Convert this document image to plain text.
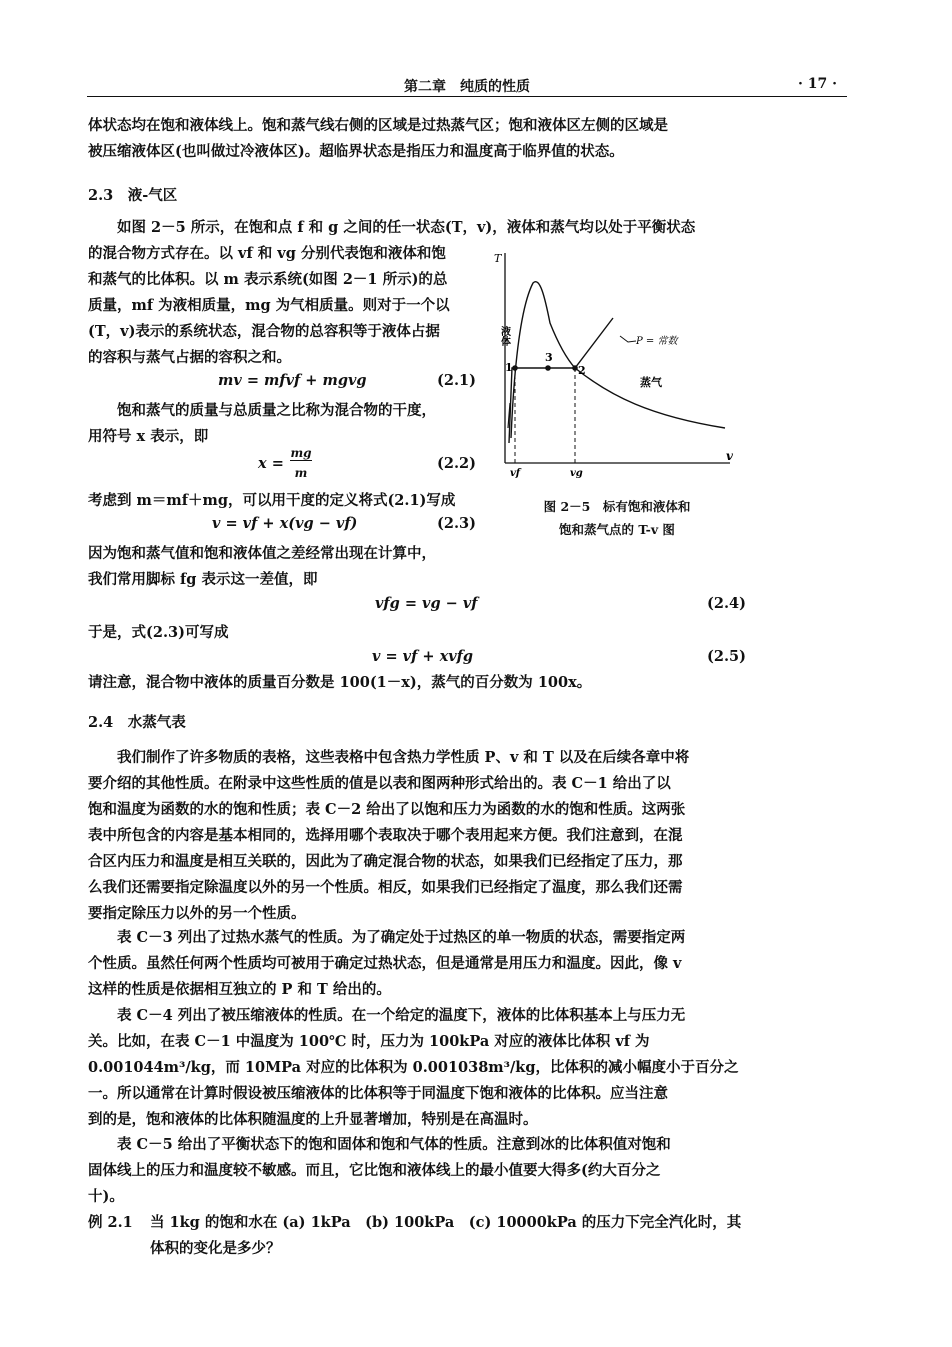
第二章　纯质的性质	· 17 ·

体状态均在饱和液体线上。饱和蒸气线右侧的区域是过热蒸气区；饱和液体区左侧的区域是

被压缩液体区(也叫做过冷液体区)。超临界状态是指压力和温度高于临界值的状态。

2.3　液-气区

如图 2－5 所示，在饱和点 f 和 g 之间的任一状态(T，v)，液体和蒸气均以处于平衡状态

的混合物方式存在。以 vf 和 vg 分别代表饱和液体和饱

和蒸气的比体积。以 m 表示系统(如图 2－1 所示)的总

质量，mf 为液相质量，mg 为气相质量。则对于一个以

(T，v)表示的系统状态，混合物的总容积等于液体占据

的容积与蒸气占据的容积之和。

mv = mfvf + mgvg	(2.1)

饱和蒸气的质量与总质量之比称为混合物的干度，

用符号 x 表示，即

x =
mg
m
(2.2)

考虑到 m＝mf＋mg，可以用干度的定义将式(2.1)写成

v = vf + x(vg − vf)	(2.3)

因为饱和蒸气值和饱和液体值之差经常出现在计算中，

我们常用脚标 fg 表示这一差值，即

vfg = vg − vf	(2.4)

于是，式(2.3)可写成

v = vf + xvfg	(2.5)

请注意，混合物中液体的质量百分数是 100(1－x)，蒸气的百分数为 100x。

T
v
液体
蒸气
P = 常数
1	2
3
vf	vg
图 2－5　标有饱和液体和
饱和蒸气点的 T-v 图
2.4　水蒸气表

我们制作了许多物质的表格，这些表格中包含热力学性质 P、v 和 T 以及在后续各章中将

要介绍的其他性质。在附录中这些性质的值是以表和图两种形式给出的。表 C－1 给出了以

饱和温度为函数的水的饱和性质；表 C－2 给出了以饱和压力为函数的水的饱和性质。这两张

表中所包含的内容是基本相同的，选择用哪个表取决于哪个表用起来方便。我们注意到，在混

合区内压力和温度是相互关联的，因此为了确定混合物的状态，如果我们已经指定了压力，那

么我们还需要指定除温度以外的另一个性质。相反，如果我们已经指定了温度，那么我们还需

要指定除压力以外的另一个性质。

表 C－3 列出了过热水蒸气的性质。为了确定处于过热区的单一物质的状态，需要指定两

个性质。虽然任何两个性质均可被用于确定过热状态，但是通常是用压力和温度。因此，像 v

这样的性质是依据相互独立的 P 和 T 给出的。

表 C－4 列出了被压缩液体的性质。在一个给定的温度下，液体的比体积基本上与压力无

关。比如，在表 C－1 中温度为 100℃ 时，压力为 100kPa 对应的液体比体积 vf 为

0.001044m³/kg，而 10MPa 对应的比体积为 0.001038m³/kg，比体积的减小幅度小于百分之

一。所以通常在计算时假设被压缩液体的比体积等于同温度下饱和液体的比体积。应当注意

到的是，饱和液体的比体积随温度的上升显著增加，特别是在高温时。

表 C－5 给出了平衡状态下的饱和固体和饱和气体的性质。注意到冰的比体积值对饱和

固体线上的压力和温度较不敏感。而且，它比饱和液体线上的最小值要大得多(约大百分之

十)。

例 2.1	当 1kg 的饱和水在 (a) 1kPa　(b) 100kPa　(c) 10000kPa 的压力下完全汽化时，其

体积的变化是多少？
